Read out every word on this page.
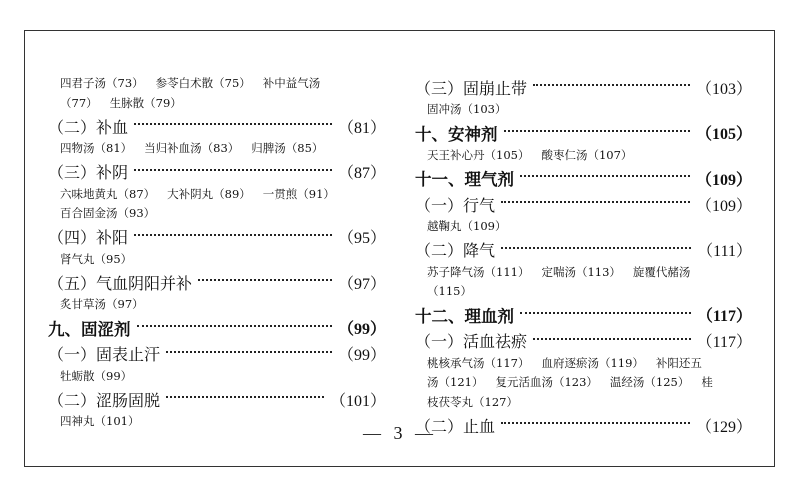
四君子汤（73） 参苓白术散（75） 补中益气汤
（77） 生脉散（79）
（二）补血	（81）
四物汤（81） 当归补血汤（83） 归脾汤（85）
（三）补阴	（87）
六味地黄丸（87） 大补阴丸（89） 一贯煎（91）
百合固金汤（93）
（四）补阳	（95）
肾气丸（95）
（五）气血阴阳并补	（97）
炙甘草汤（97）
九、固涩剂	（99）
（一）固表止汗	（99）
牡蛎散（99）
（二）涩肠固脱	（101）
四神丸（101）
（三）固崩止带	（103）
固冲汤（103）
十、安神剂	（105）
天王补心丹（105） 酸枣仁汤（107）
十一、理气剂	（109）
（一）行气	（109）
越鞠丸（109）
（二）降气	（111）
苏子降气汤（111） 定喘汤（113） 旋覆代赭汤
（115）
十二、理血剂	（117）
（一）活血祛瘀	（117）
桃核承气汤（117） 血府逐瘀汤（119） 补阳还五
汤（121） 复元活血汤（123） 温经汤（125） 桂
枝茯苓丸（127）
（二）止血	（129）
— 3 —
